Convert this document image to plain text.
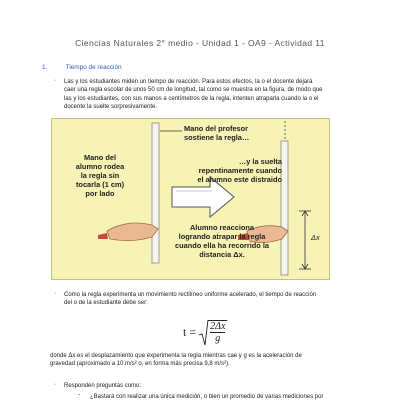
Ciencias Naturales 2° medio - Unidad 1 - OA9 - Actividad 11
1.	Tiempo de reacción
· Las y los estudiantes miden un tiempo de reacción. Para estos efectos, la o el docente dejará
caer una regla escolar de unos 50 cm de longitud, tal como se muestra en la figura, de modo que
las y los estudiantes, con sus manos a centímetros de la regla, intenten atraparla cuando la o el
docente la suelte sorpresivamente.
Mano del profesor
sostiene la regla…
Mano del
alumno rodea
la regla sin
tocarla (1 cm)
por lado
…y la suelta
repentinamente cuando
el alumno este distraido
Alumno reacciona
logrando atrapar la regla
cuando ella ha recorrido la
distancia Δx.
Δx
· Como la regla experimenta un movimiento rectilíneo uniforme acelerado, el tiempo de reacción
del o de la estudiante debe ser:
$t = \frac{2\Delta x}{g}$
donde Δx es el desplazamiento que experimenta la regla mientras cae y g es la aceleración de
gravedad (aproximado a 10 m/s² o, en forma más precisa 9,8 m/s²).
· Responden preguntas como:
- ¿Bastará con realizar una única medición, o bien un promedio de varias mediciones por
